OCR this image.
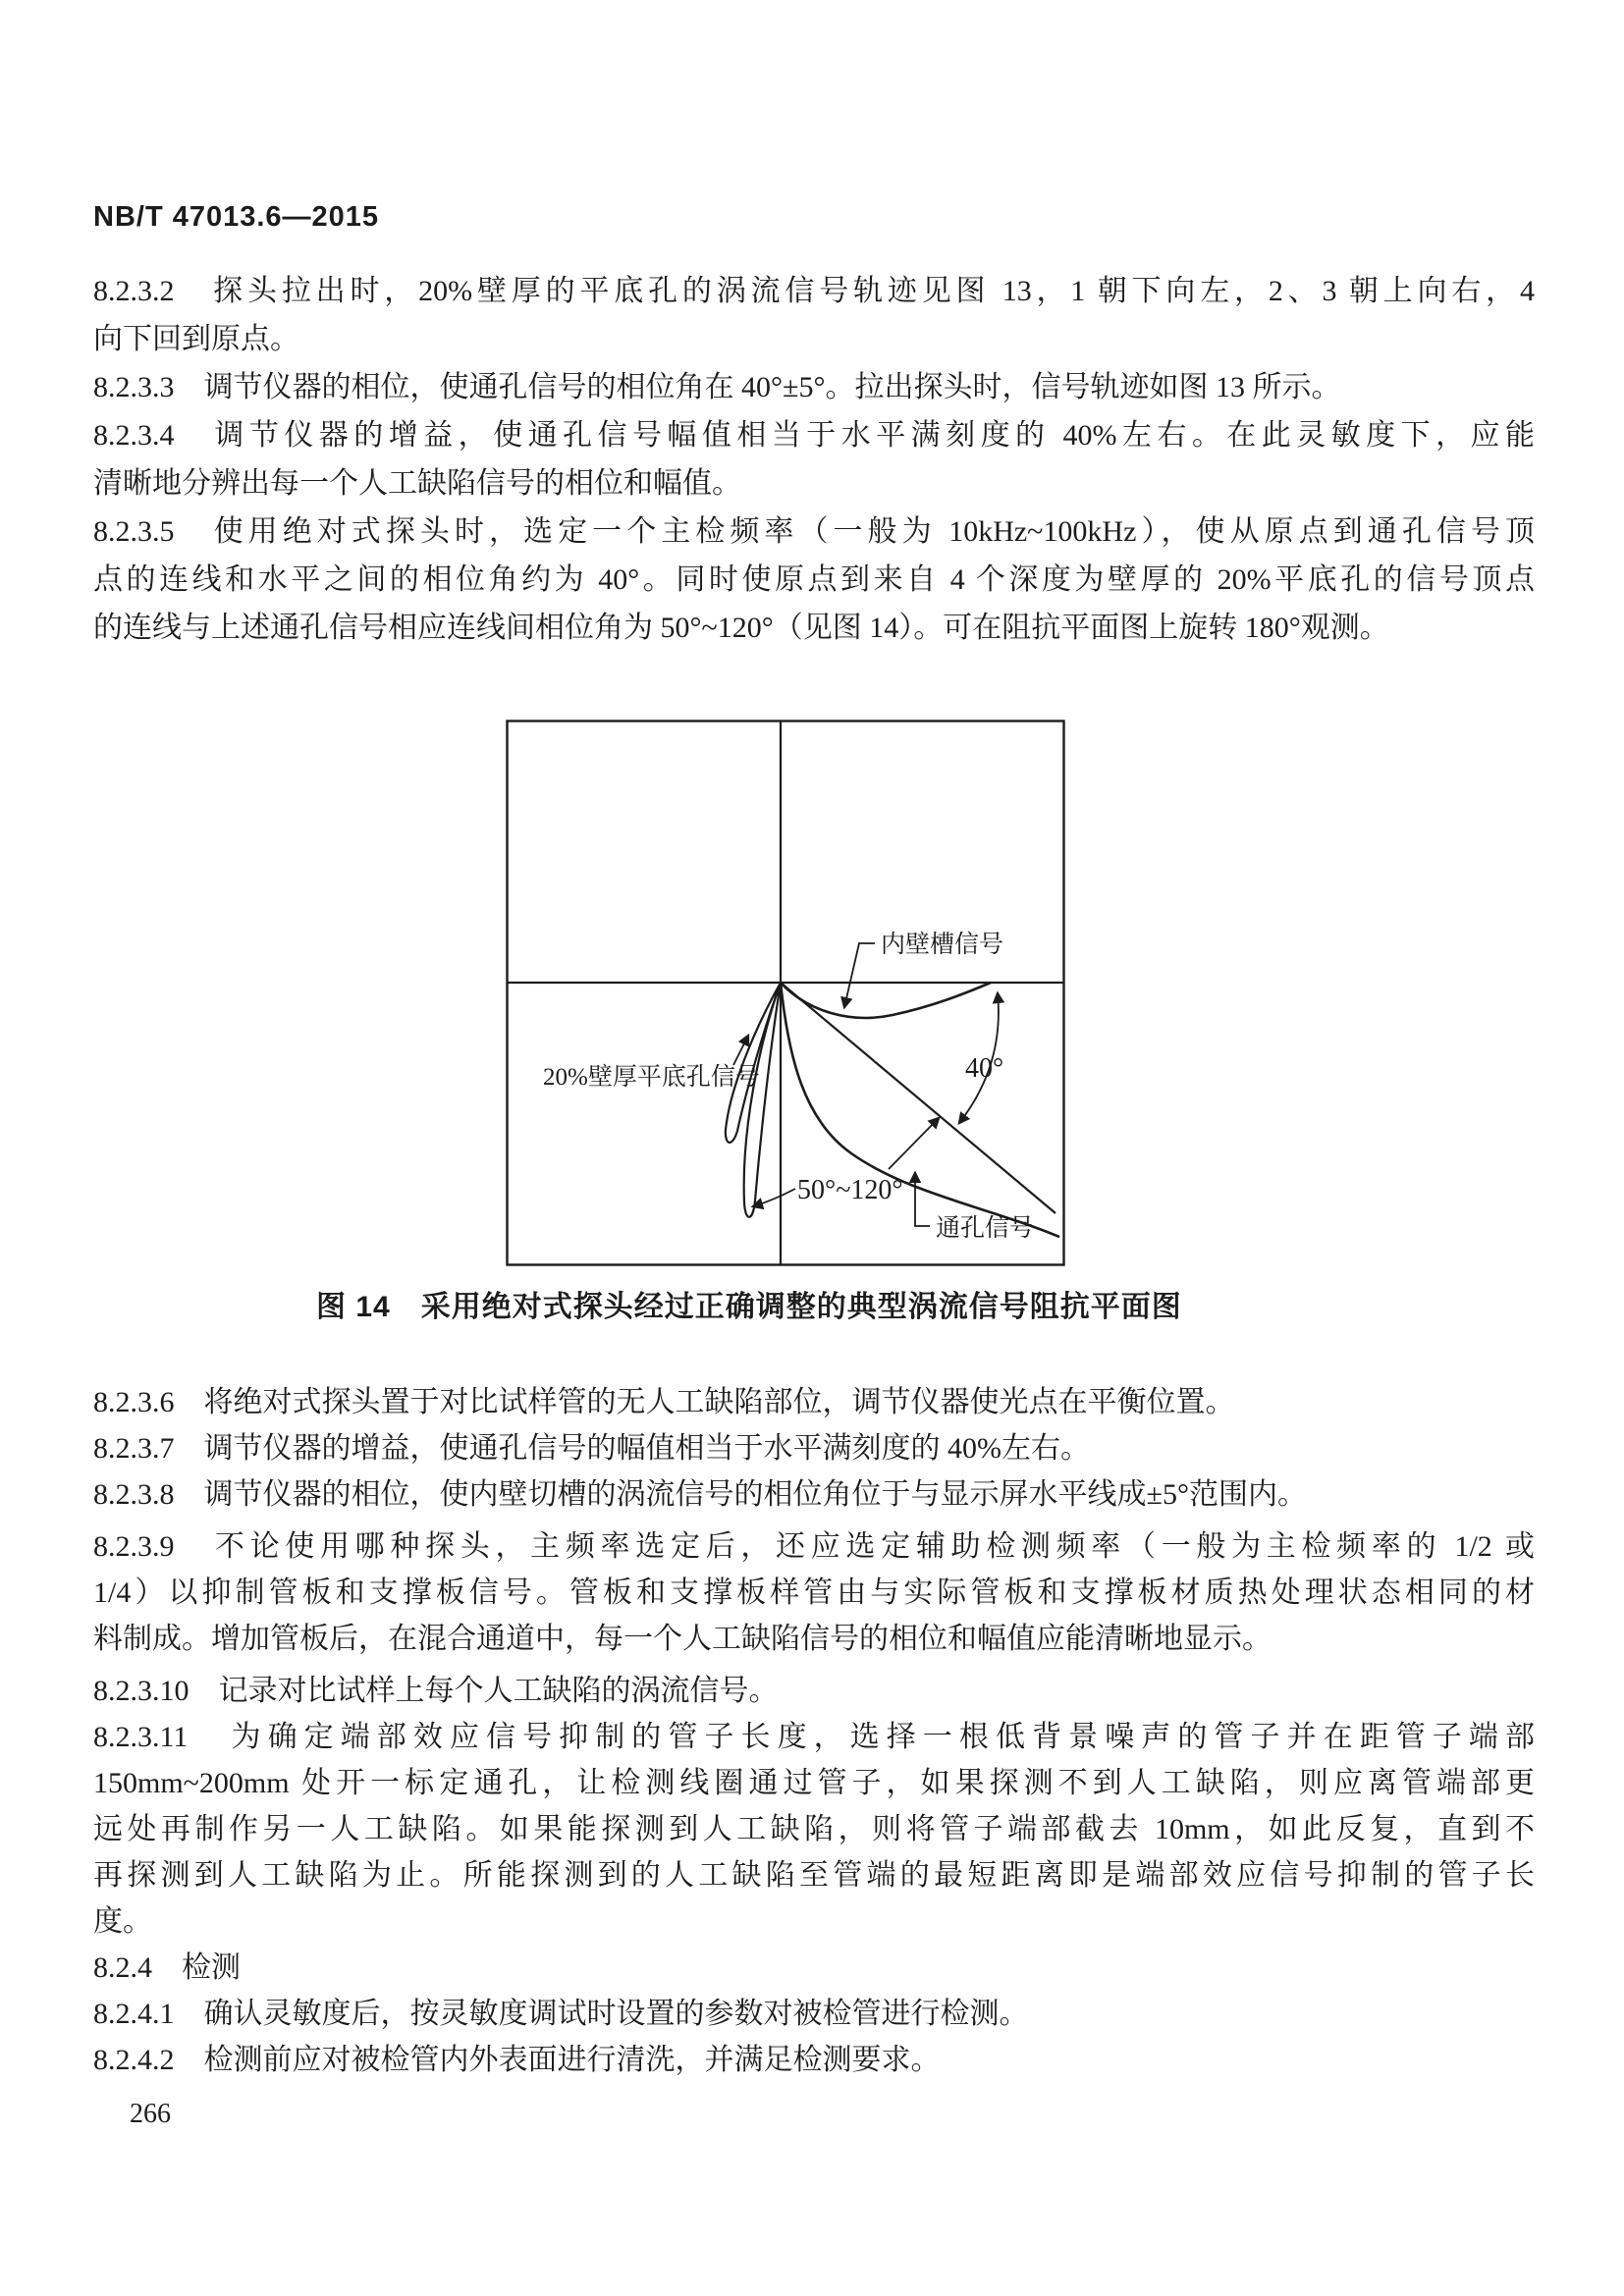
NB/T 47013.6—2015
8.2.3.2　探头拉出时，20%壁厚的平底孔的涡流信号轨迹见图 13，1 朝下向左，2、3 朝上向右，4
向下回到原点。
8.2.3.3　调节仪器的相位，使通孔信号的相位角在 40°±5°。拉出探头时，信号轨迹如图 13 所示。
8.2.3.4　调节仪器的增益，使通孔信号幅值相当于水平满刻度的 40%左右。在此灵敏度下，应能
清晰地分辨出每一个人工缺陷信号的相位和幅值。
8.2.3.5　使用绝对式探头时，选定一个主检频率（一般为 10kHz~100kHz），使从原点到通孔信号顶
点的连线和水平之间的相位角约为 40°。同时使原点到来自 4 个深度为壁厚的 20%平底孔的信号顶点
的连线与上述通孔信号相应连线间相位角为 50°~120°（见图 14）。可在阻抗平面图上旋转 180°观测。
内壁槽信号
20%壁厚平底孔信号	40°
50°~120°
通孔信号
图 14　采用绝对式探头经过正确调整的典型涡流信号阻抗平面图
8.2.3.6　将绝对式探头置于对比试样管的无人工缺陷部位，调节仪器使光点在平衡位置。
8.2.3.7　调节仪器的增益，使通孔信号的幅值相当于水平满刻度的 40%左右。
8.2.3.8　调节仪器的相位，使内壁切槽的涡流信号的相位角位于与显示屏水平线成±5°范围内。
8.2.3.9　不论使用哪种探头，主频率选定后，还应选定辅助检测频率（一般为主检频率的 1/2 或
1/4）以抑制管板和支撑板信号。管板和支撑板样管由与实际管板和支撑板材质热处理状态相同的材
料制成。增加管板后，在混合通道中，每一个人工缺陷信号的相位和幅值应能清晰地显示。
8.2.3.10　记录对比试样上每个人工缺陷的涡流信号。
8.2.3.11　为确定端部效应信号抑制的管子长度，选择一根低背景噪声的管子并在距管子端部
150mm~200mm 处开一标定通孔，让检测线圈通过管子，如果探测不到人工缺陷，则应离管端部更
远处再制作另一人工缺陷。如果能探测到人工缺陷，则将管子端部截去 10mm，如此反复，直到不
再探测到人工缺陷为止。所能探测到的人工缺陷至管端的最短距离即是端部效应信号抑制的管子长
度。
8.2.4　检测
8.2.4.1　确认灵敏度后，按灵敏度调试时设置的参数对被检管进行检测。
8.2.4.2　检测前应对被检管内外表面进行清洗，并满足检测要求。
266
